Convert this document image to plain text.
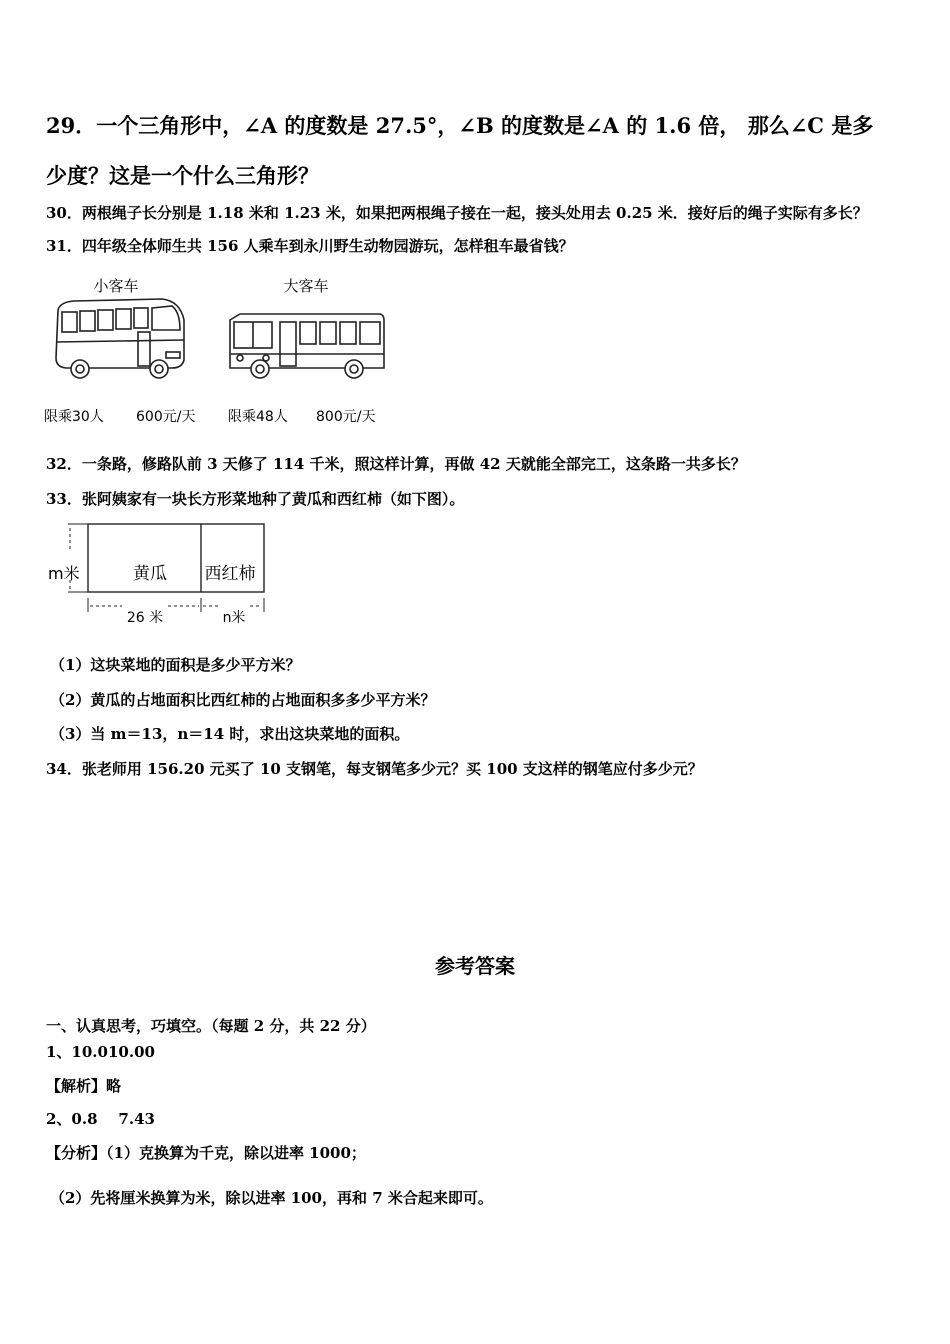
29．一个三角形中，∠A 的度数是 27.5°，∠B 的度数是∠A 的 1.6 倍， 那么∠C 是多
少度？这是一个什么三角形？
30．两根绳子长分别是 1.18 米和 1.23 米，如果把两根绳子接在一起，接头处用去 0.25 米．接好后的绳子实际有多长？
31．四年级全体师生共 156 人乘车到永川野生动物园游玩，怎样租车最省钱？
小客车	大客车
限乘30人 600元/天 限乘48人 800元/天
32．一条路，修路队前 3 天修了 114 千米，照这样计算，再做 42 天就能全部完工，这条路一共多长？
33．张阿姨家有一块长方形菜地种了黄瓜和西红柿（如下图）。
m米	黄瓜 西红柿
26 米	n米
（1）这块菜地的面积是多少平方米？
（2）黄瓜的占地面积比西红柿的占地面积多多少平方米？
（3）当 m＝13，n＝14 时，求出这块菜地的面积。
34．张老师用 156.20 元买了 10 支钢笔，每支钢笔多少元？买 100 支这样的钢笔应付多少元？
参考答案
一、认真思考，巧填空。（每题 2 分，共 22 分）
1、10.010.00
【解析】略
2、0.8    7.43
【分析】（1）克换算为千克，除以进率 1000；
（2）先将厘米换算为米，除以进率 100，再和 7 米合起来即可。
